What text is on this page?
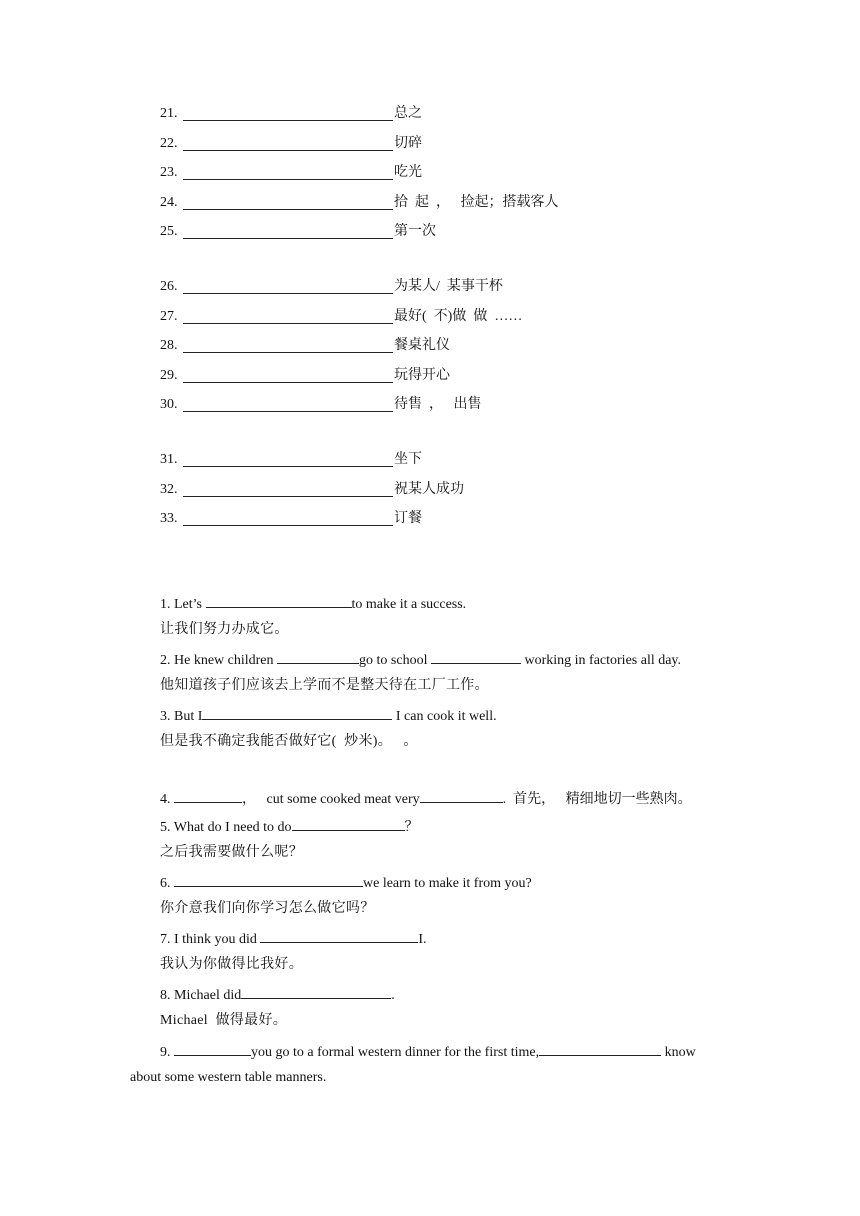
21.	总之
22.	切碎
23.	吃光
24.	拾  起  ，   捡起；搭载客人
25.	第一次
26.	为某人/  某事干杯
27.	最好(  不)做  做  ……
28.	餐桌礼仪
29.	玩得开心
30.	待售  ，   出售
31.	坐下
32.	祝某人成功
33.	订餐
1. Let’s	to make it a success.
让我们努力办成它。
2. He knew children	go to school	working in factories all day.
他知道孩子们应该去上学而不是整天待在工厂工作。
3. But I	I can cook it well.
但是我不确定我能否做好它(  炒米)。   。
4.	，   cut some cooked meat very	.  首先，   精细地切一些熟肉。
5. What do I need to do	？
之后我需要做什么呢？
6.	we learn to make it from you?
你介意我们向你学习怎么做它吗？
7. I think you did	I.
我认为你做得比我好。
8. Michael did	.
Michael  做得最好。
9.	you go to a formal western dinner for the first time,	know
about some western table manners.
